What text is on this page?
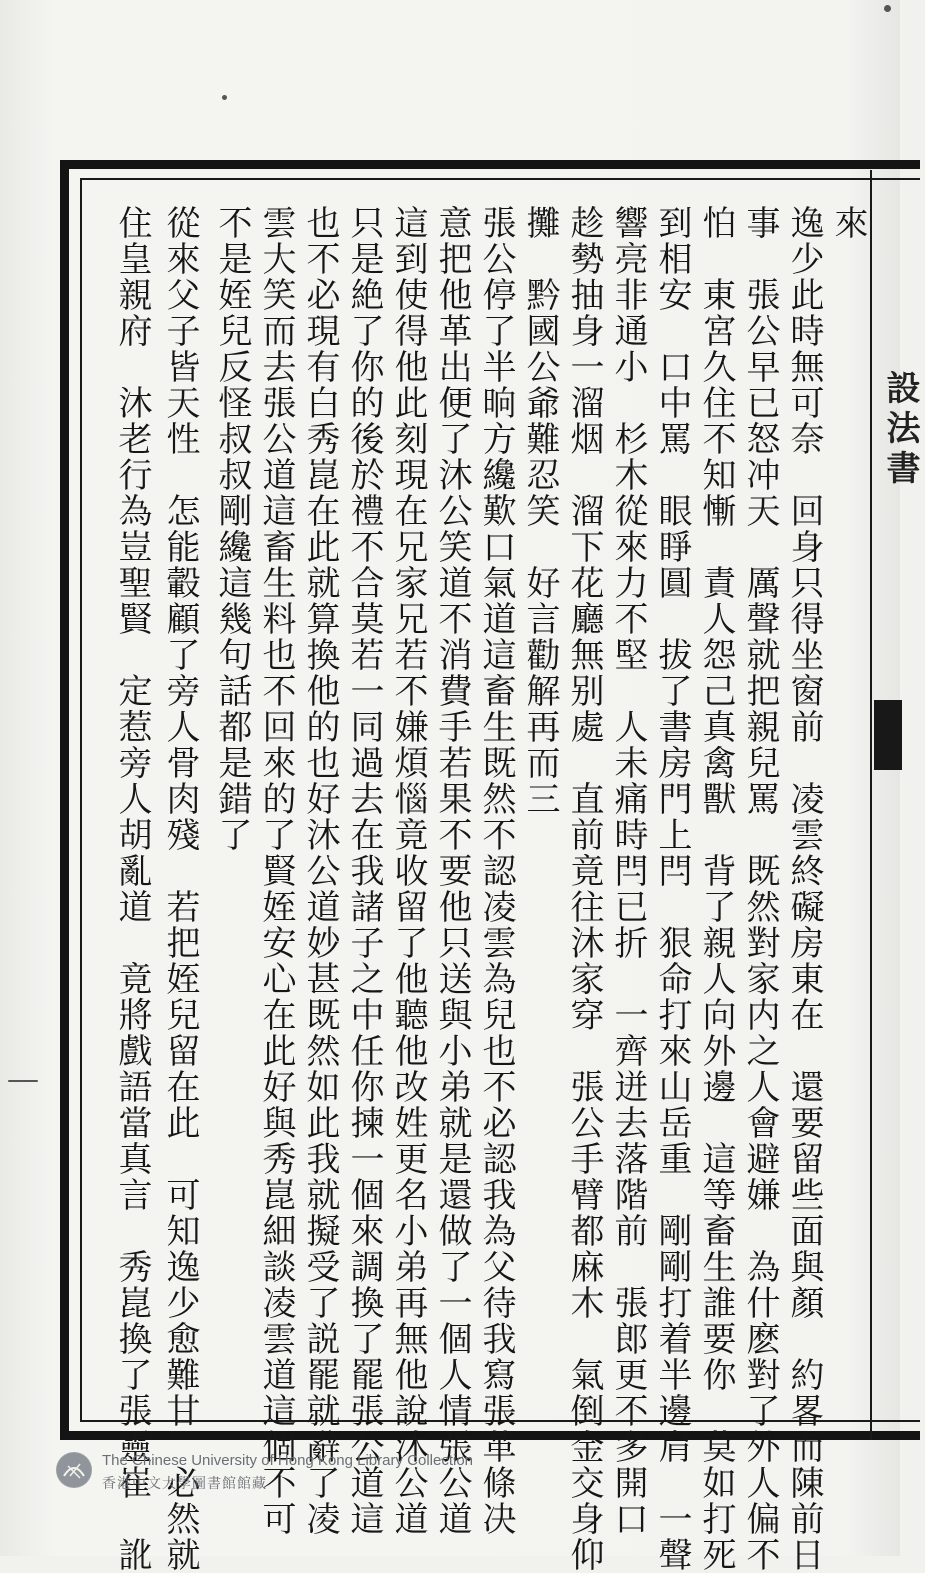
設法書
來
逸少此時無可奈　回身只得坐窗前　凌雲終礙房東在　還要留些面與顏　約畧而陳前日
事　張公早已怒冲天　厲聲就把親兒罵　既然對家内之人會避嫌　為什麽對了外人偏不
怕　東宮久住不知慚　責人怨己真禽獸　背了親人向外邊　這等畜生誰要你　莫如打死
到相安　口中罵　眼睜圓　拔了書房門上閂　狠命打來山岳重　剛剛打着半邊肩　一聲
響亮非通小　杉木從來力不堅　人未痛時閂已折　一齊迸去落階前　張郎更不多開口
趁勢抽身一溜烟　溜下花廳無别處　直前竟往沐家穿　張公手臂都麻木　氣倒金交身仰
攤　黔國公爺難忍笑　好言勸解再而三
張公停了半晌方纔歎口氣道這畜生既然不認凌雲為兒也不必認我為父待我寫張革條决
意把他革出便了沐公笑道不消費手若果不要他只送與小弟就是還做了一個人情張公道
這到使得他此刻現在兄家兄若不嫌煩惱竟收留了他聽他改姓更名小弟再無他說沐公道
只是絶了你的後於禮不合莫若一同過去在我諸子之中任你揀一個來調換了罷張公道這
也不必現有白秀崑在此就算換他的也好沐公道妙甚既然如此我就擬受了説罷就辭了凌
雲大笑而去張公道這畜生料也不回來的了賢姪安心在此好與秀崑細談凌雲道這個不可
不是姪兒反怪叔叔剛纔這幾句話都是錯了
從來父子皆天性　怎能轂顧了旁人骨肉殘　若把姪兒留在此　可知逸少愈難甘　必然就
住皇親府　沐老行為豈聖賢　定惹旁人胡亂道　竟將戲語當真言　秀崑換了張靈崔　訛
The Chinese University of Hong Kong Library Collection
香港中文大學圖書館館藏
